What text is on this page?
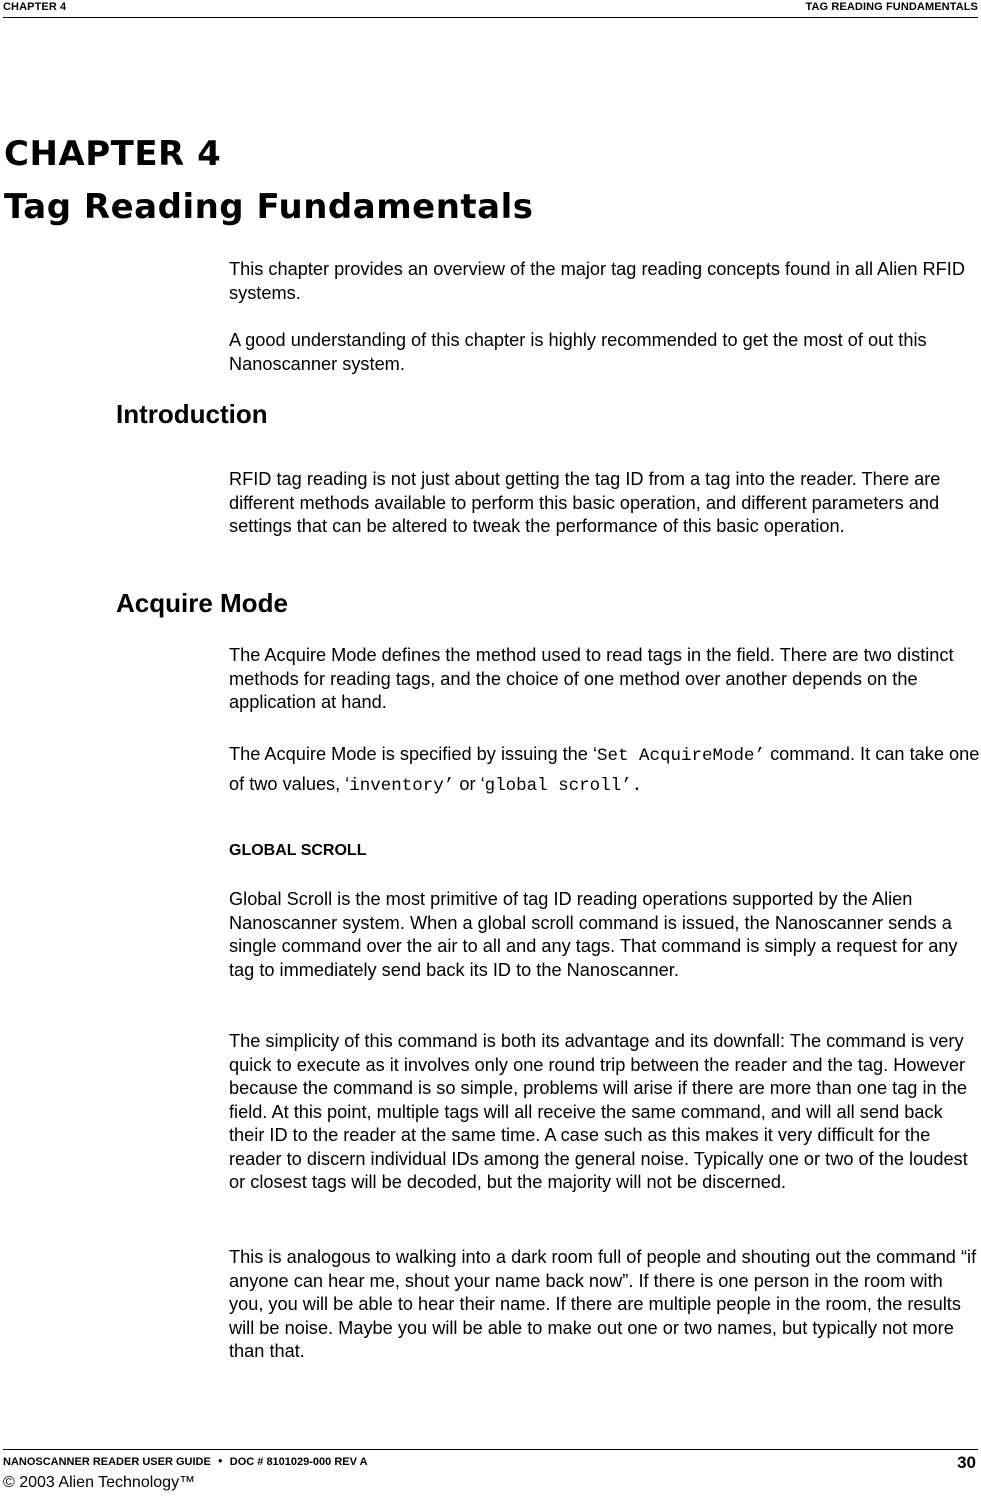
CHAPTER 4	TAG READING FUNDAMENTALS
CHAPTER 4
Tag Reading Fundamentals

This chapter provides an overview of the major tag reading concepts found in all Alien RFID systems.

A good understanding of this chapter is highly recommended to get the most of out this Nanoscanner system.

Introduction

RFID tag reading is not just about getting the tag ID from a tag into the reader. There are different methods available to perform this basic operation, and different parameters and settings that can be altered to tweak the performance of this basic operation.

Acquire Mode

The Acquire Mode defines the method used to read tags in the field. There are two distinct methods for reading tags, and the choice of one method over another depends on the application at hand.

The Acquire Mode is specified by issuing the ‘Set AcquireMode’ command. It can take one of two values, ‘inventory’ or ‘global scroll’.

GLOBAL SCROLL

Global Scroll is the most primitive of tag ID reading operations supported by the Alien Nanoscanner system. When a global scroll command is issued, the Nanoscanner sends a single command over the air to all and any tags. That command is simply a request for any tag to immediately send back its ID to the Nanoscanner.

The simplicity of this command is both its advantage and its downfall: The command is very quick to execute as it involves only one round trip between the reader and the tag. However because the command is so simple, problems will arise if there are more than one tag in the field. At this point, multiple tags will all receive the same command, and will all send back their ID to the reader at the same time. A case such as this makes it very difficult for the reader to discern individual IDs among the general noise. Typically one or two of the loudest or closest tags will be decoded, but the majority will not be discerned.

This is analogous to walking into a dark room full of people and shouting out the command “if anyone can hear me, shout your name back now”. If there is one person in the room with you, you will be able to hear their name. If there are multiple people in the room, the results will be noise. Maybe you will be able to make out one or two names, but typically not more than that.

NANOSCANNER READER USER GUIDE ● DOC # 8101029-000 REV A	30
© 2003 Alien Technology™
